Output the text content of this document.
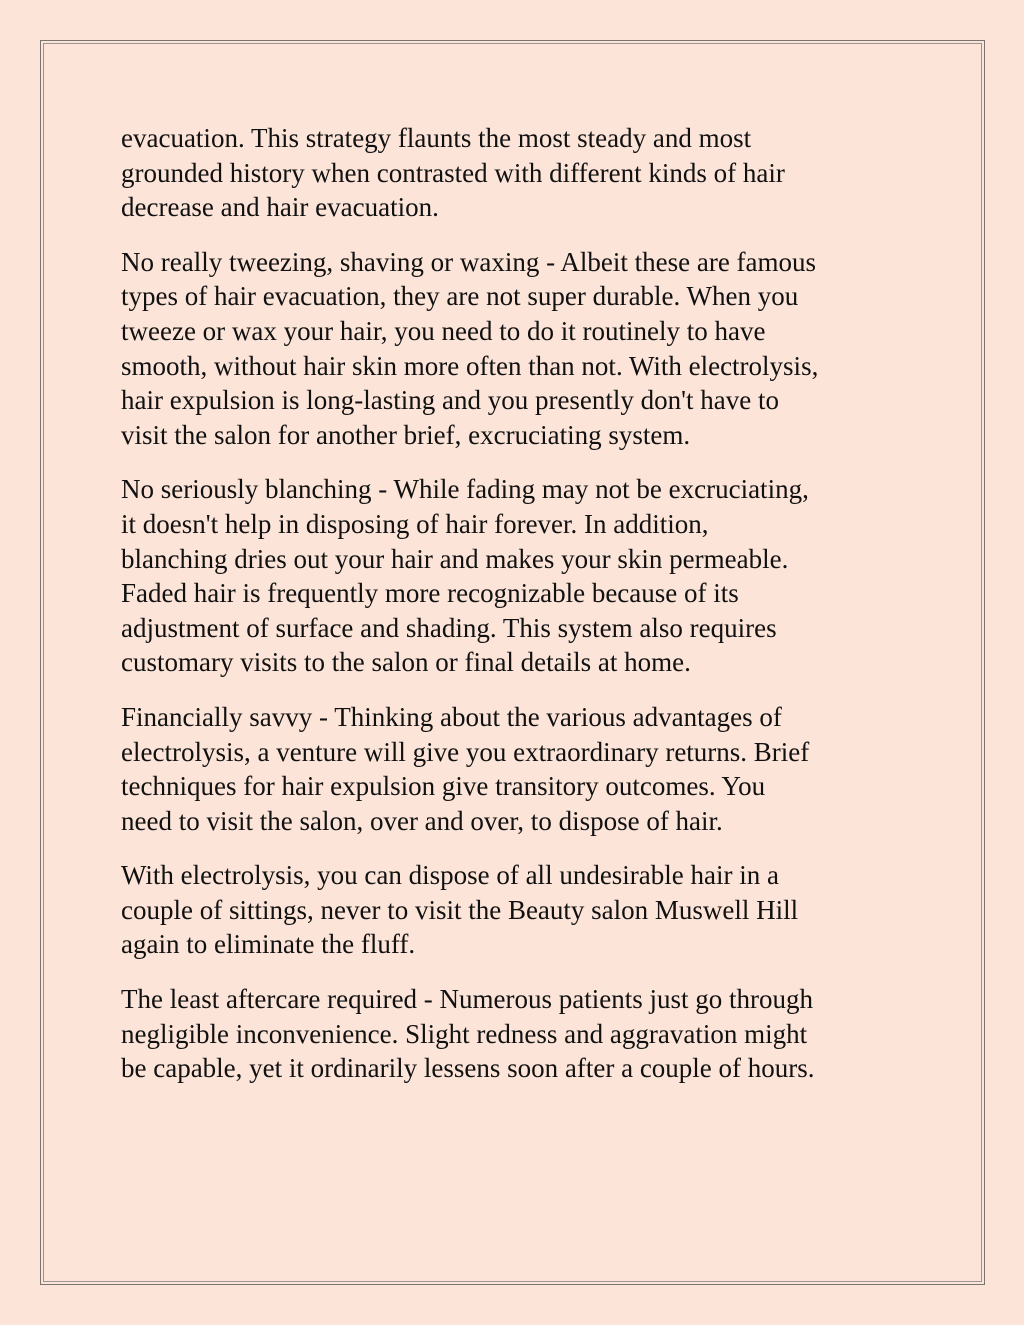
evacuation. This strategy flaunts the most steady and most
grounded history when contrasted with different kinds of hair
decrease and hair evacuation.

No really tweezing, shaving or waxing - Albeit these are famous
types of hair evacuation, they are not super durable. When you
tweeze or wax your hair, you need to do it routinely to have
smooth, without hair skin more often than not. With electrolysis,
hair expulsion is long-lasting and you presently don't have to
visit the salon for another brief, excruciating system.

No seriously blanching - While fading may not be excruciating,
it doesn't help in disposing of hair forever. In addition,
blanching dries out your hair and makes your skin permeable.
Faded hair is frequently more recognizable because of its
adjustment of surface and shading. This system also requires
customary visits to the salon or final details at home.

Financially savvy - Thinking about the various advantages of
electrolysis, a venture will give you extraordinary returns. Brief
techniques for hair expulsion give transitory outcomes. You
need to visit the salon, over and over, to dispose of hair.

With electrolysis, you can dispose of all undesirable hair in a
couple of sittings, never to visit the Beauty salon Muswell Hill
again to eliminate the fluff.

The least aftercare required - Numerous patients just go through
negligible inconvenience. Slight redness and aggravation might
be capable, yet it ordinarily lessens soon after a couple of hours.
